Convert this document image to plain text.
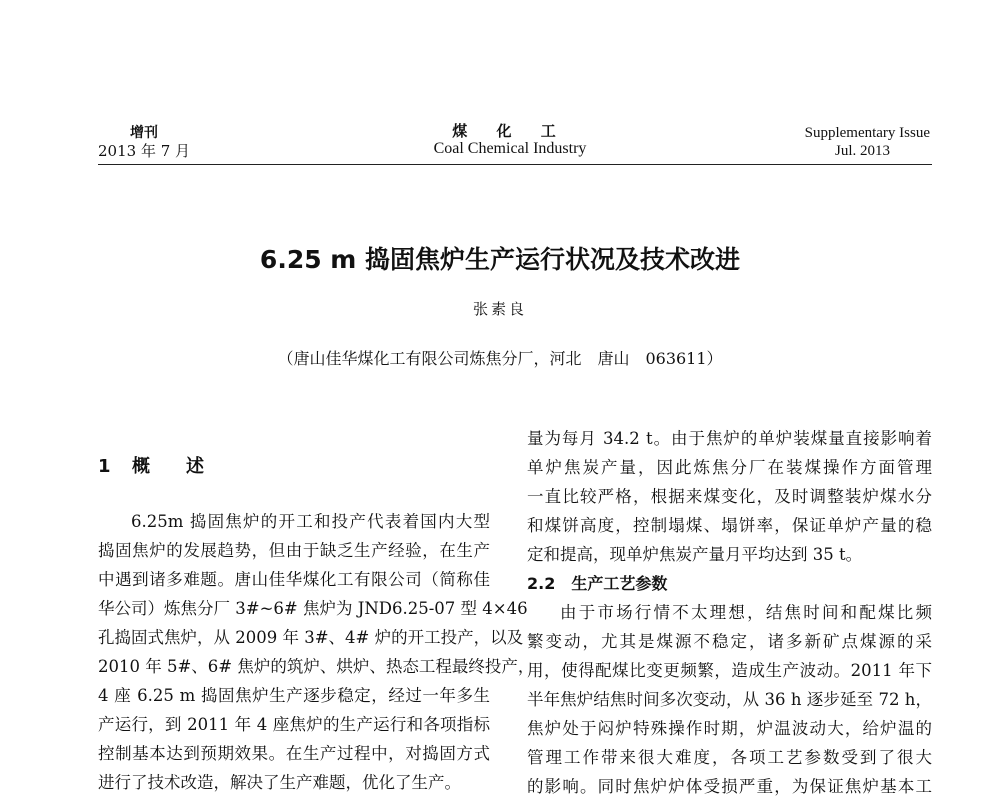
增刊
2013 年 7 月
煤 化 工
Coal Chemical Industry
Supplementary Issue
Jul. 2013
6.25 m 捣固焦炉生产运行状况及技术改进
张素良
（唐山佳华煤化工有限公司炼焦分厂，河北　唐山　063611）
1 概　　述
6.25m 捣固焦炉的开工和投产代表着国内大型
捣固焦炉的发展趋势，但由于缺乏生产经验，在生产
中遇到诸多难题。唐山佳华煤化工有限公司（简称佳
华公司）炼焦分厂 3#~6# 焦炉为 JND6.25-07 型 4×46
孔捣固式焦炉，从 2009 年 3#、4# 炉的开工投产，以及
2010 年 5#、6# 焦炉的筑炉、烘炉、热态工程最终投产，
4 座 6.25 m 捣固焦炉生产逐步稳定，经过一年多生
产运行，到 2011 年 4 座焦炉的生产运行和各项指标
控制基本达到预期效果。在生产过程中，对捣固方式
进行了技术改造，解决了生产难题，优化了生产。
量为每月 34.2 t。由于焦炉的单炉装煤量直接影响着
单炉焦炭产量，因此炼焦分厂在装煤操作方面管理
一直比较严格，根据来煤变化，及时调整装炉煤水分
和煤饼高度，控制塌煤、塌饼率，保证单炉产量的稳
定和提高，现单炉焦炭产量月平均达到 35 t。
2.2　生产工艺参数
由于市场行情不太理想，结焦时间和配煤比频
繁变动，尤其是煤源不稳定，诸多新矿点煤源的采
用，使得配煤比变更频繁，造成生产波动。2011 年下
半年焦炉结焦时间多次变动，从 36 h 逐步延至 72 h，
焦炉处于闷炉特殊操作时期，炉温波动大，给炉温的
管理工作带来很大难度，各项工艺参数受到了很大
的影响。同时焦炉炉体受损严重，为保证焦炉基本工
